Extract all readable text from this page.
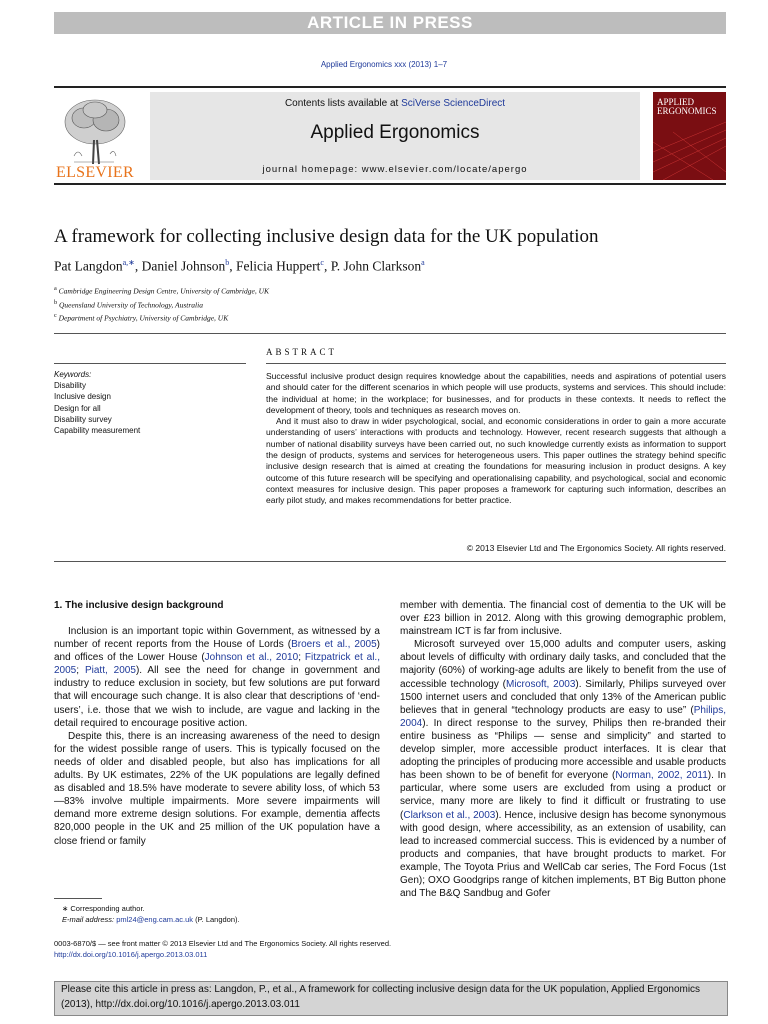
ARTICLE IN PRESS
Applied Ergonomics xxx (2013) 1–7
ELSEVIER
Contents lists available at SciVerse ScienceDirect
Applied Ergonomics
journal homepage: www.elsevier.com/locate/apergo
APPLIED
ERGONOMICS
A framework for collecting inclusive design data for the UK population
Pat Langdon$^{a,∗}$, Daniel Johnson$^b$, Felicia Huppert$^c$, P. John Clarkson$^a$
$^a$ Cambridge Engineering Design Centre, University of Cambridge, UK
$^b$ Queensland University of Technology, Australia
$^c$ Department of Psychiatry, University of Cambridge, UK
ABSTRACT
Keywords:
Disability
Inclusive design
Design for all
Disability survey
Capability measurement

Successful inclusive product design requires knowledge about the capabilities, needs and aspirations of potential users and should cater for the different scenarios in which people will use products, systems and services. This should include: the individual at home; in the workplace; for businesses, and for products in these contexts. It needs to reflect the development of theory, tools and techniques as research moves on.

And it must also to draw in wider psychological, social, and economic considerations in order to gain a more accurate understanding of users’ interactions with products and technology. However, recent research suggests that although a number of national disability surveys have been carried out, no such knowledge currently exists as information to support the design of products, systems and services for heterogeneous users. This paper outlines the strategy behind specific inclusive design research that is aimed at creating the foundations for measuring inclusion in product designs. A key outcome of this future research will be specifying and operationalising capability, and psychological, social and economic context measures for inclusive design. This paper proposes a framework for capturing such information, describes an early pilot study, and makes recommendations for better practice.

© 2013 Elsevier Ltd and The Ergonomics Society. All rights reserved.
1. The inclusive design background

Inclusion is an important topic within Government, as witnessed by a number of recent reports from the House of Lords (Broers et al., 2005) and offices of the Lower House (Johnson et al., 2010; Fitzpatrick et al., 2005; Piatt, 2005). All see the need for change in government and industry to reduce exclusion in society, but few solutions are put forward that will encourage such change. It is also clear that descriptions of ‘end-users’, i.e. those that we wish to include, are vague and lacking in the detail required to encourage positive action.

Despite this, there is an increasing awareness of the need to design for the widest possible range of users. This is typically focused on the needs of older and disabled people, but also has implications for all adults. By UK estimates, 22% of the UK populations are legally defined as disabled and 18.5% have moderate to severe ability loss, of which 53—83% involve multiple impairments. More severe impairments will demand more extreme design solutions. For example, dementia affects 820,000 people in the UK and 25 million of the UK population have a close friend or family

member with dementia. The financial cost of dementia to the UK will be over £23 billion in 2012. Along with this growing demographic problem, mainstream ICT is far from inclusive.

Microsoft surveyed over 15,000 adults and computer users, asking about levels of difficulty with ordinary daily tasks, and concluded that the majority (60%) of working-age adults are likely to benefit from the use of accessible technology (Microsoft, 2003). Similarly, Philips surveyed over 1500 internet users and concluded that only 13% of the American public believes that in general “technology products are easy to use” (Philips, 2004). In direct response to the survey, Philips then re-branded their entire business as “Philips — sense and simplicity” and started to develop simpler, more accessible product interfaces. It is clear that adopting the principles of producing more accessible and usable products has been shown to be of benefit for everyone (Norman, 2002, 2011). In particular, where some users are excluded from using a product or service, many more are likely to find it difficult or frustrating to use (Clarkson et al., 2003). Hence, inclusive design has become synonymous with good design, where accessibility, as an extension of usability, can lead to increased commercial success. This is evidenced by a number of products and companies, that have brought products to market. For example, The Toyota Prius and WellCab car series, The Ford Focus (1st Gen); OXO Goodgrips range of kitchen implements, BT Big Button phone and The B&Q Sandbug and Gofer

∗ Corresponding author.
E-mail address: pml24@eng.cam.ac.uk (P. Langdon).
0003-6870/$ — see front matter © 2013 Elsevier Ltd and The Ergonomics Society. All rights reserved.
http://dx.doi.org/10.1016/j.apergo.2013.03.011
Please cite this article in press as: Langdon, P., et al., A framework for collecting inclusive design data for the UK population, Applied Ergonomics (2013), http://dx.doi.org/10.1016/j.apergo.2013.03.011
